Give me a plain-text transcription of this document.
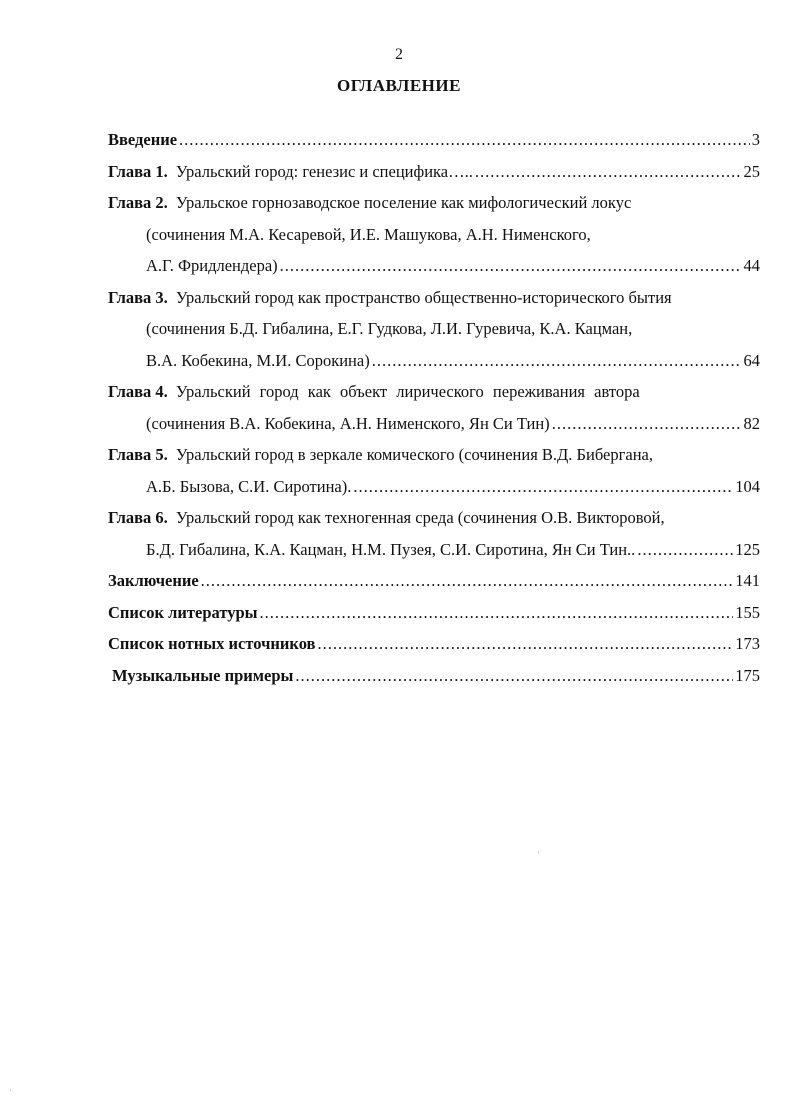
2
ОГЛАВЛЕНИЕ
Введение .....	3
Глава 1. Уральский город: генезис и специфика….. .....	25
Глава 2. Уральское горнозаводское поселение как мифологический локус
(сочинения М.А. Кесаревой, И.Е. Машукова, А.Н. Нименского,
А.Г. Фридлендера) .....	44
Глава 3. Уральский город как пространство общественно-исторического бытия
(сочинения Б.Д. Гибалина, Е.Г. Гудкова, Л.И. Гуревича, К.А. Кацман,
В.А. Кобекина, М.И. Сорокина) .....	64
Глава 4. Уральский город как объект лирического переживания автора
(сочинения В.А. Кобекина, А.Н. Нименского, Ян Си Тин) .....	82
Глава 5. Уральский город в зеркале комического (сочинения В.Д. Бибергана,
А.Б. Бызова, С.И. Сиротина). .....	104
Глава 6. Уральский город как техногенная среда (сочинения О.В. Викторовой,
Б.Д. Гибалина, К.А. Кацман, Н.М. Пузея, С.И. Сиротина, Ян Си Тин.. .....	125
Заключение .....	141
Список литературы .....	155
Список нотных источников .....	173
Музыкальные примеры .....	175
'
,
